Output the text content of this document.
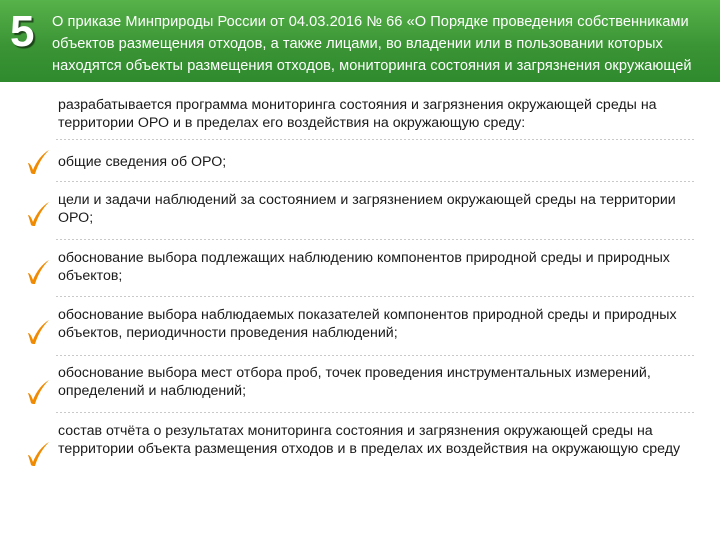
5 О приказе Минприроды России от 04.03.2016 № 66 «О Порядке проведения собственниками объектов размещения отходов, а также лицами, во владении или в пользовании которых находятся объекты размещения отходов, мониторинга состояния и загрязнения окружающей
разрабатывается программа мониторинга состояния и загрязнения окружающей среды на территории ОРО и в пределах его воздействия на окружающую среду:
общие сведения об ОРО;
цели и задачи наблюдений за состоянием и загрязнением окружающей среды на территории ОРО;
обоснование выбора подлежащих наблюдению компонентов природной среды и природных объектов;
обоснование выбора наблюдаемых показателей компонентов природной среды и природных объектов, периодичности проведения наблюдений;
обоснование выбора мест отбора проб, точек проведения инструментальных измерений, определений и наблюдений;
состав отчёта о результатах мониторинга состояния и загрязнения окружающей среды на территории объекта размещения отходов и в пределах их воздействия на окружающую среду
